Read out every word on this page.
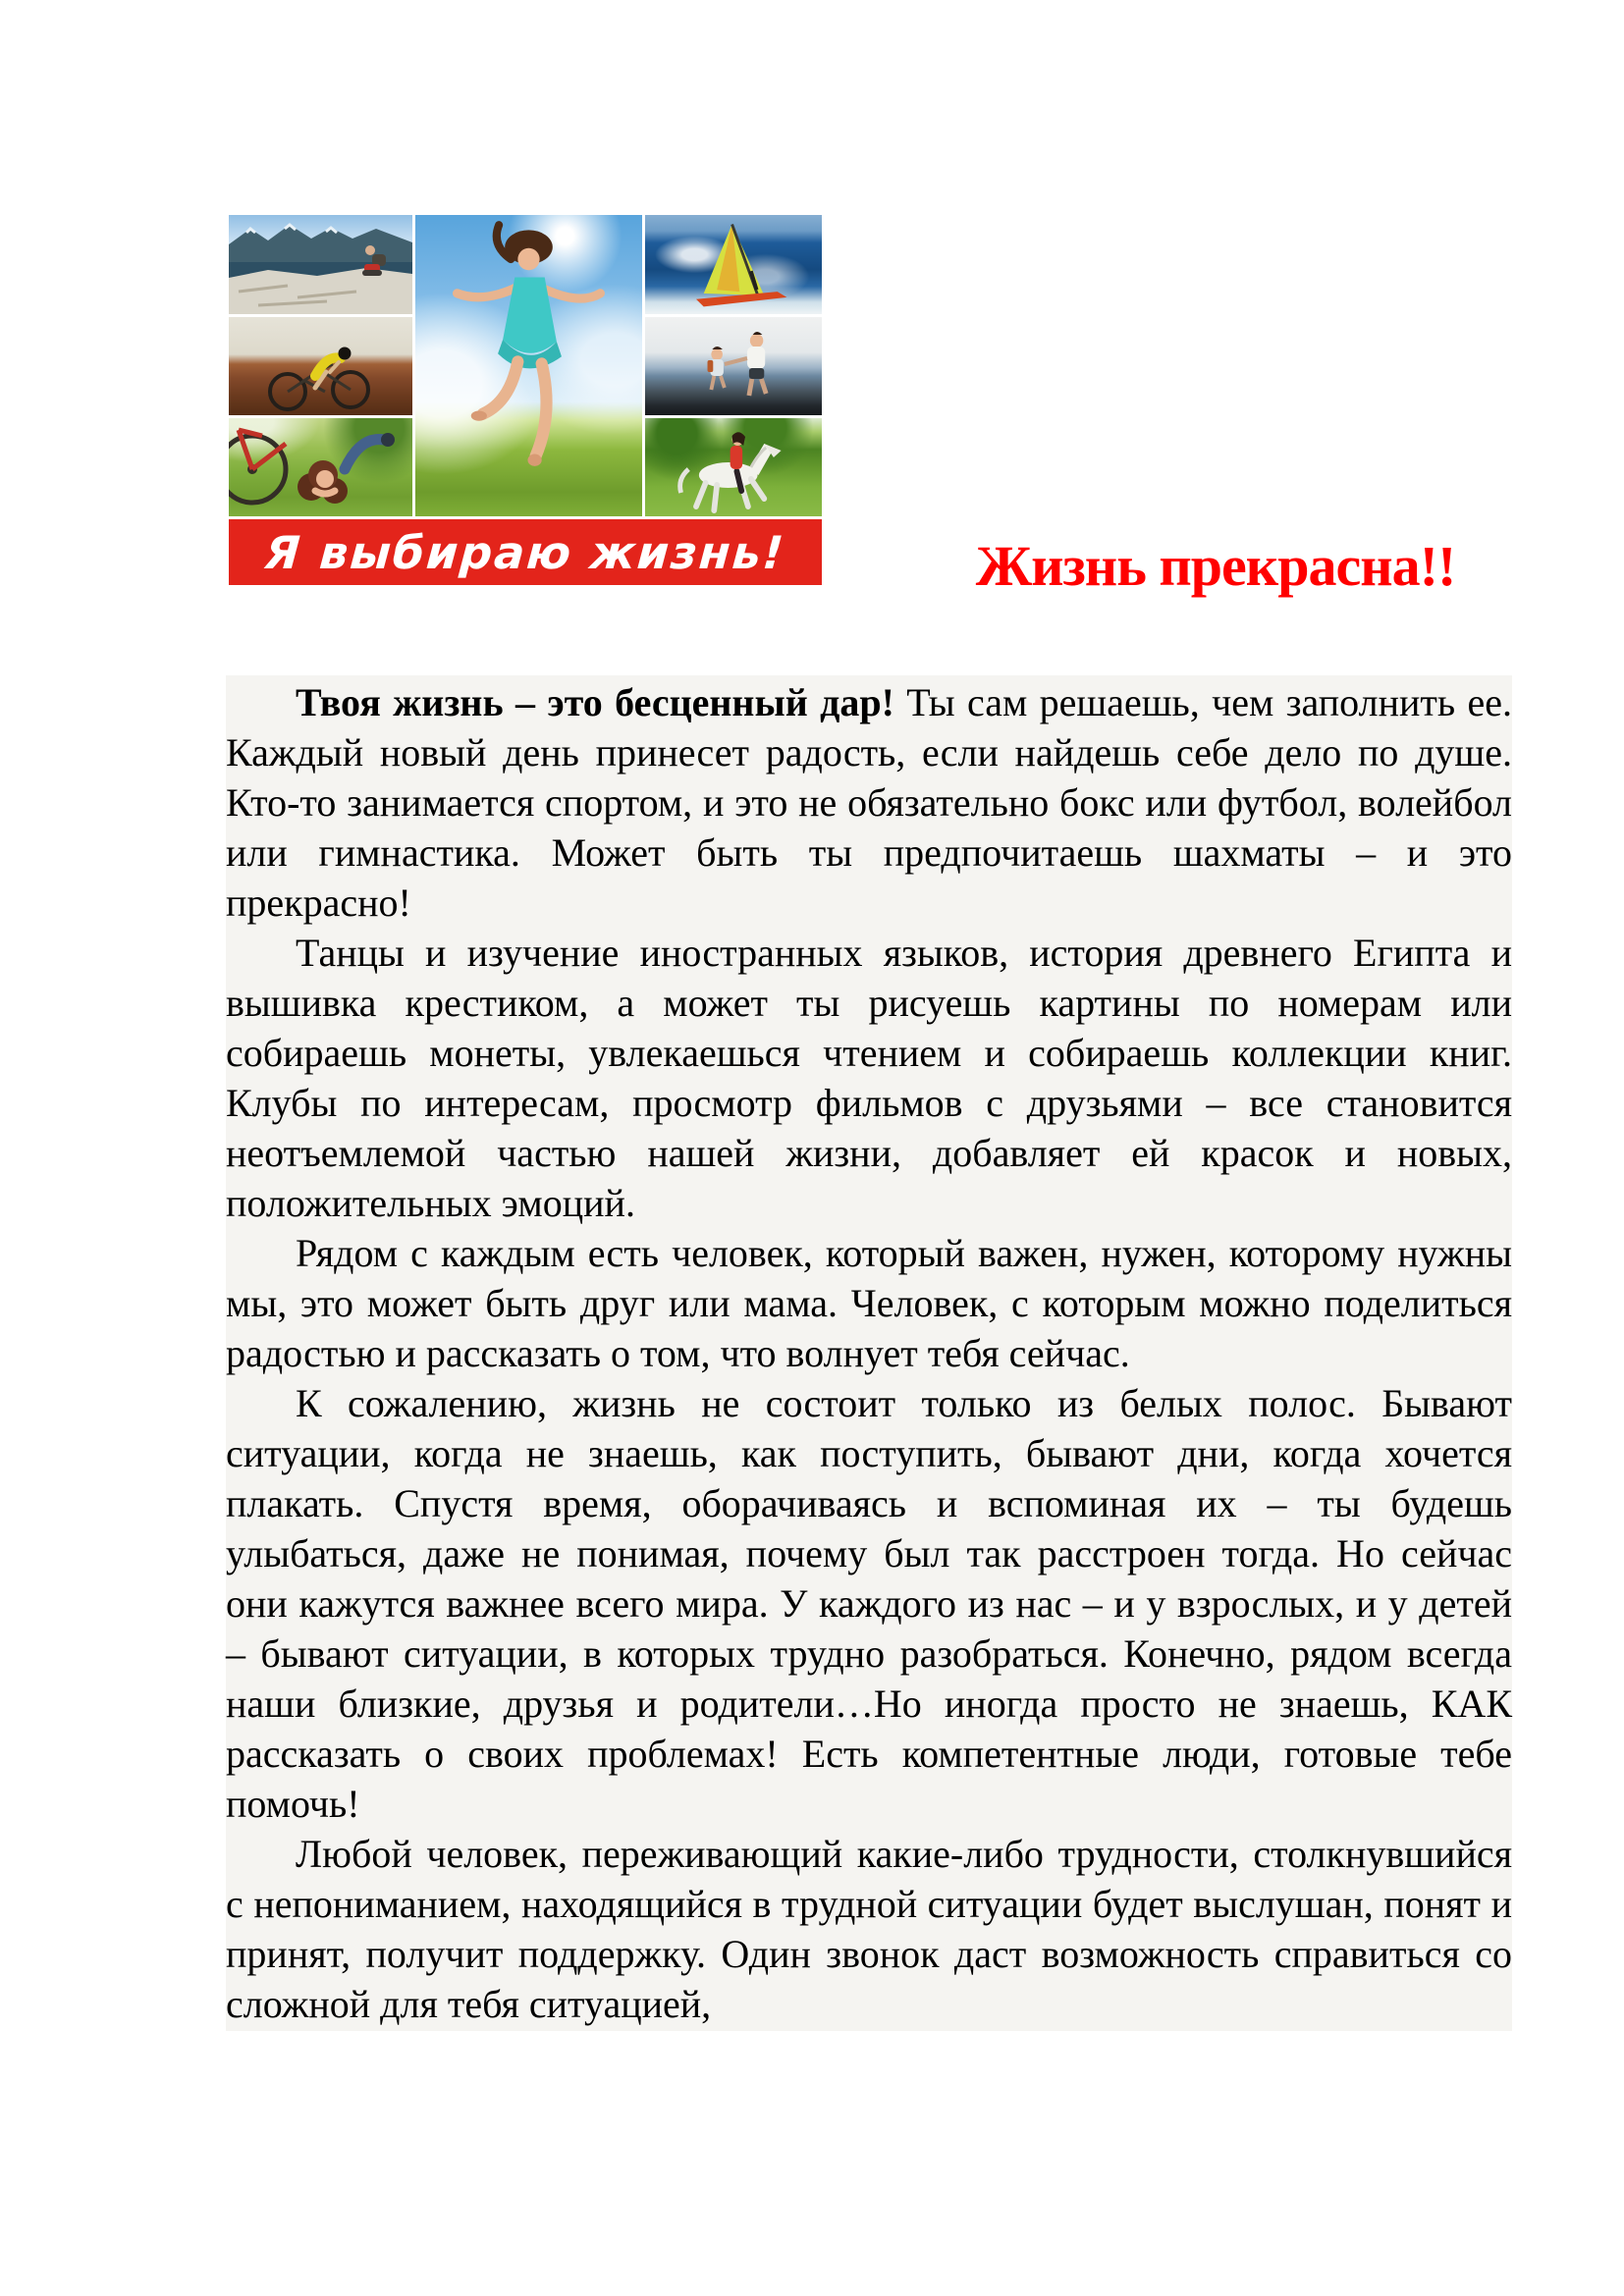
Я выбираю жизнь!	Жизнь прекрасна!!

Твоя жизнь – это бесценный дар! Ты сам решаешь, чем заполнить ее. Каждый новый день принесет радость, если найдешь себе дело по душе. Кто-то занимается спортом, и это не обязательно бокс или футбол, волейбол или гимнастика. Может быть ты предпочитаешь шахматы – и это прекрасно!

Танцы и изучение иностранных языков, история древнего Египта и вышивка крестиком, а может ты рисуешь картины по номерам или собираешь монеты, увлекаешься чтением и собираешь коллекции книг. Клубы по интересам, просмотр фильмов с друзьями – все становится неотъемлемой частью нашей жизни, добавляет ей красок и новых, положительных эмоций.

Рядом с каждым есть человек, который важен, нужен, которому нужны мы, это может быть друг или мама. Человек, с которым можно поделиться радостью и рассказать о том, что волнует тебя сейчас.

К сожалению, жизнь не состоит только из белых полос. Бывают ситуации, когда не знаешь, как поступить, бывают дни, когда хочется плакать. Спустя время, оборачиваясь и вспоминая их – ты будешь улыбаться, даже не понимая, почему был так расстроен тогда. Но сейчас они кажутся важнее всего мира. У каждого из нас – и у взрослых, и у детей – бывают ситуации, в которых трудно разобраться. Конечно, рядом всегда наши близкие, друзья и родители…Но иногда просто не знаешь, КАК рассказать о своих проблемах! Есть компетентные люди, готовые тебе помочь!

Любой человек, переживающий какие-либо трудности, столкнувшийся с непониманием, находящийся в трудной ситуации будет выслушан, понят и принят, получит поддержку. Один звонок даст возможность справиться со сложной для тебя ситуацией,
